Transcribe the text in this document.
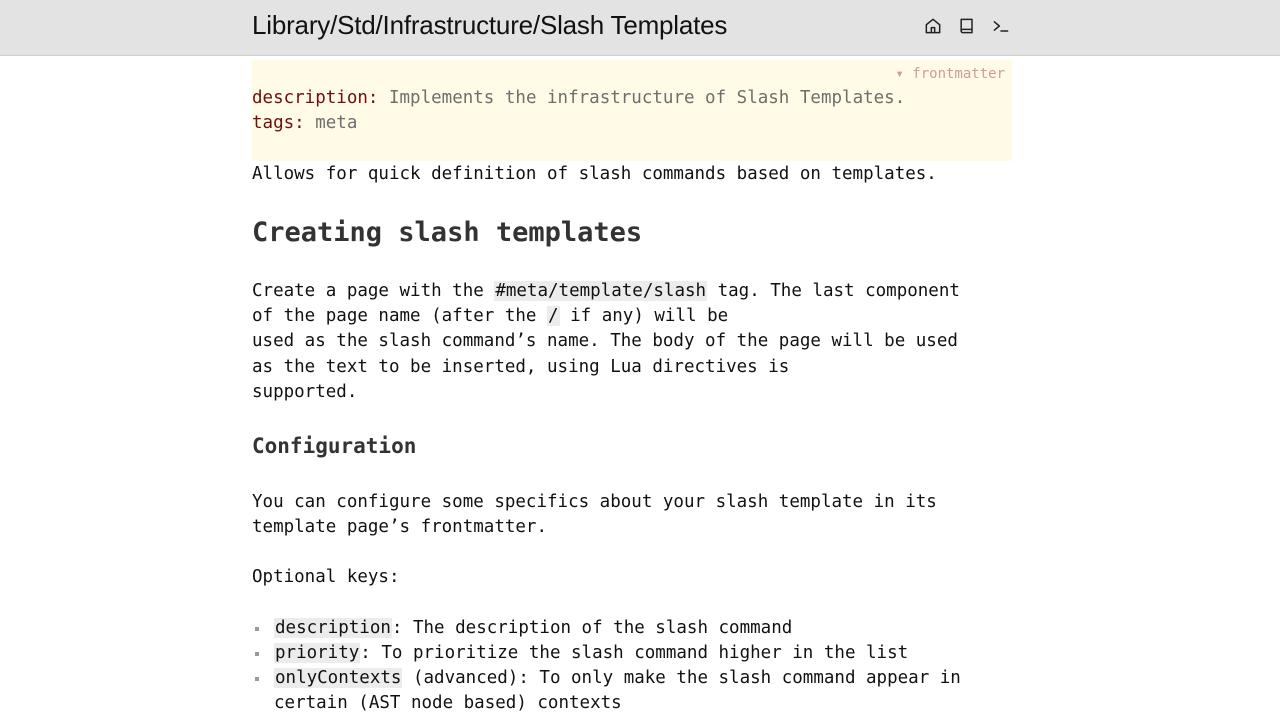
Library/Std/Infrastructure/Slash Templates
▾ frontmatter
description: Implements the infrastructure of Slash Templates.
tags: meta
Allows for quick definition of slash commands based on templates.
Creating slash templates
Create a page with the #meta/template/slash tag. The last component
of the page name (after the / if any) will be
used as the slash command’s name. The body of the page will be used
as the text to be inserted, using Lua directives is
supported.
Configuration
You can configure some specifics about your slash template in its
template page’s frontmatter.
Optional keys:
description: The description of the slash command
priority: To prioritize the slash command higher in the list
onlyContexts (advanced): To only make the slash command appear in
certain (AST node based) contexts
